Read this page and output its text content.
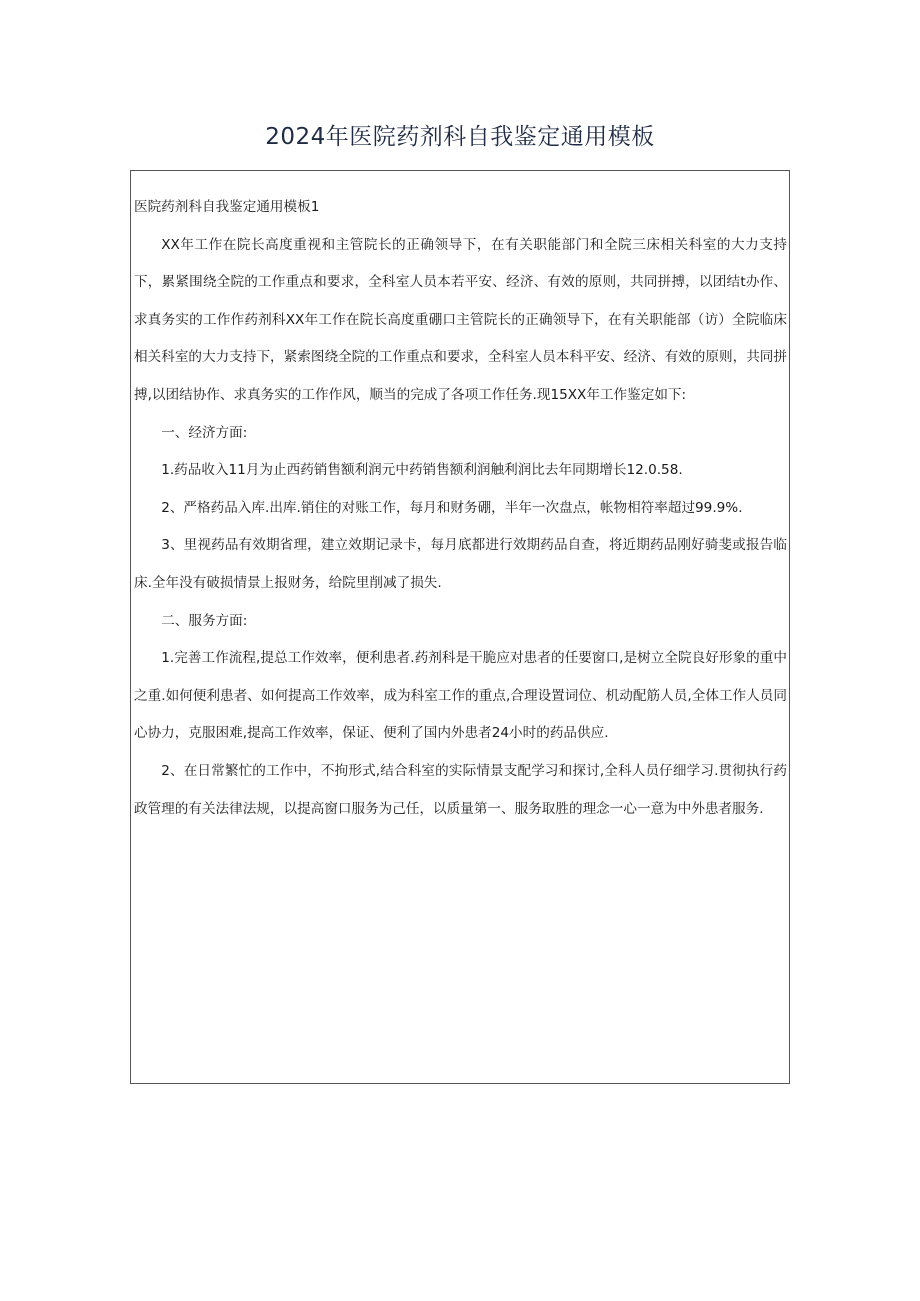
2024年医院药剂科自我鉴定通用模板

医院药剂科自我鉴定通用模板1

XX年工作在院长高度重视和主管院长的正确领导下，在有关职能部门和全院三床相关科室的大力支持下，累紧围绕全院的工作重点和要求，全科室人员本若平安、经济、有效的原则，共同拼搏，以团结t办作、求真务实的工作作药剂科XX年工作在院长高度重硼口主管院长的正确领导下，在有关职能部（访）全院临床相关科室的大力支持下，紧索图绕全院的工作重点和要求，全科室人员本科平安、经济、有效的原则，共同拼搏,以团结协作、求真务实的工作作风，顺当的完成了各项工作任务.现15XX年工作鉴定如下:

一、经济方面:

1.药品收入11月为止西药销售额利润元中药销售额利润触利润比去年同期增长12.0.58.

2、严格药品入库.出库.销住的对账工作，每月和财务硼，半年一次盘点，帐物相符率超过99.9%.

3、里视药品有效期省理，建立效期记录卡，每月底都进行效期药品自查，将近期药品刚好骑斐或报告临床.全年没有破损情景上报财务，给院里削减了损失.

二、服务方面:

1.完善工作流程,提总工作效率，便利患者.药剂科是干脆应对患者的任要窗口,是树立全院良好形象的重中之重.如何便利患者、如何提高工作效率，成为科室工作的重点,合理设置词位、机动配筋人员,全体工作人员同心协力，克服困难,提高工作效率，保证、便利了国内外患者24小时的药品供应.

2、在日常繁忙的工作中，不拘形式,结合科室的实际情景支配学习和探讨,全科人员仔细学习.贯彻执行药政管理的有关法律法规，以提高窗口服务为己任，以质量第一、服务取胜的理念一心一意为中外患者服务.
